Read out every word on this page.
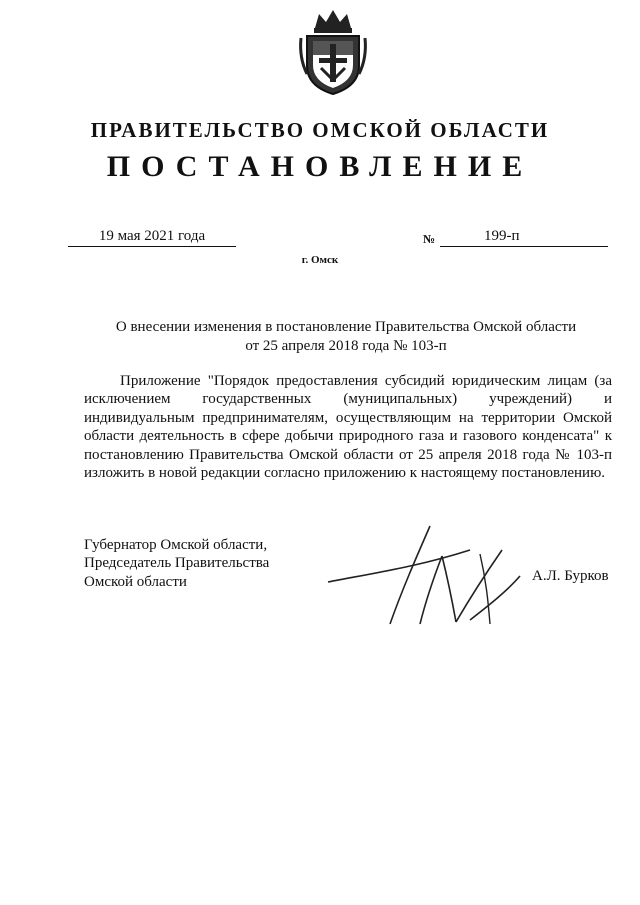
ПРАВИТЕЛЬСТВО ОМСКОЙ ОБЛАСТИ
ПОСТАНОВЛЕНИЕ
19 мая 2021 года	№	199-п
г. Омск
О внесении изменения в постановление Правительства Омской области
от 25 апреля 2018 года № 103-п
Приложение "Порядок предоставления субсидий юридическим лицам (за исключением государственных (муниципальных) учреждений) и индивидуальным предпринимателям, осуществляющим на территории Омской области деятельность в сфере добычи природного газа и газового конденсата" к постановлению Правительства Омской области от 25 апреля 2018 года № 103-п изложить в новой редакции согласно приложению к настоящему постановлению.
Губернатор Омской области,
Председатель Правительства
Омской области	А.Л. Бурков
